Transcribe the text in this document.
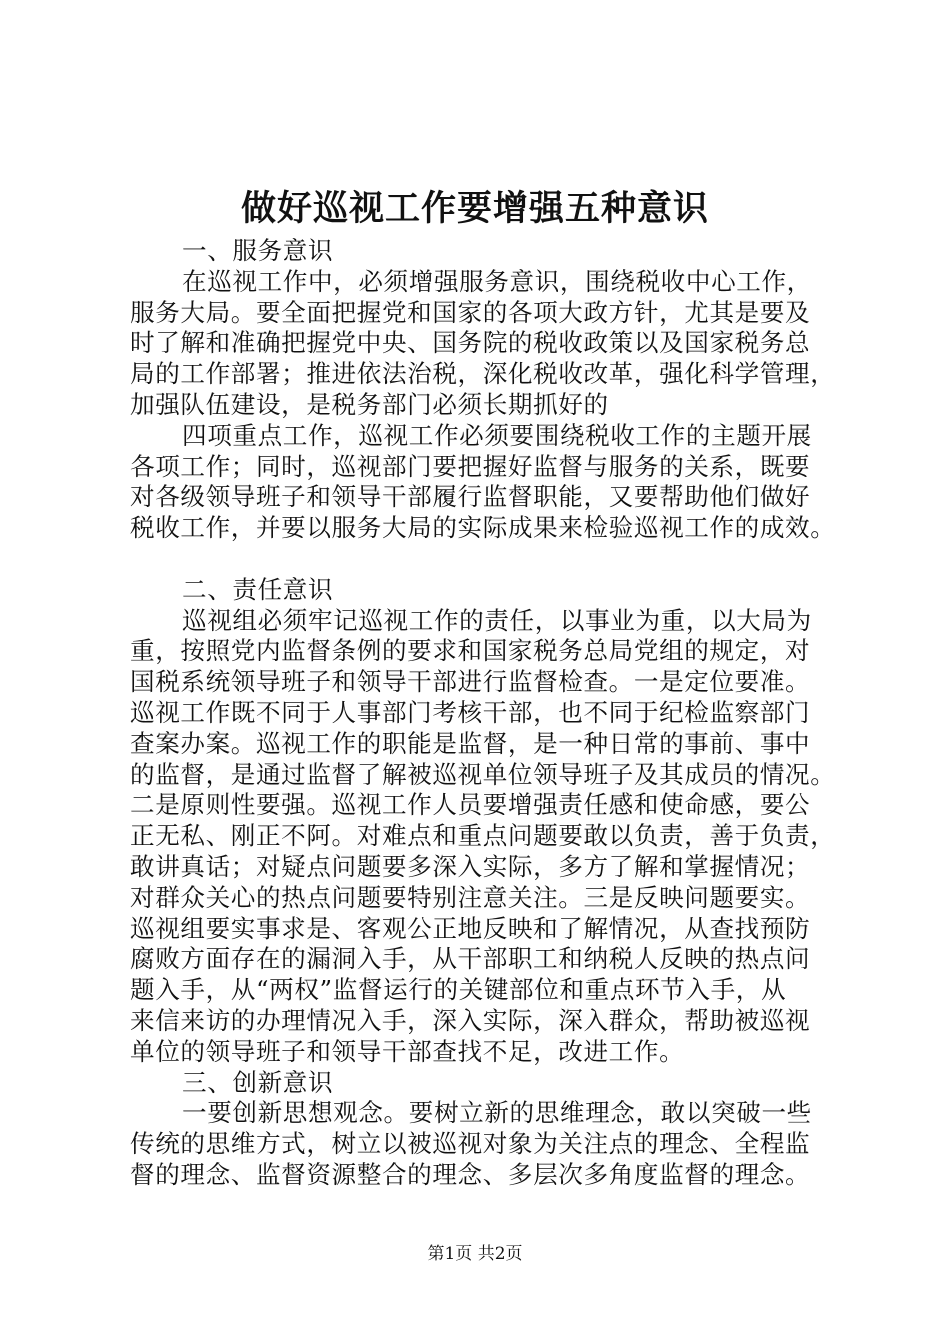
做好巡视工作要增强五种意识
一、服务意识
在巡视工作中，必须增强服务意识，围绕税收中心工作，
服务大局。要全面把握党和国家的各项大政方针，尤其是要及
时了解和准确把握党中央、国务院的税收政策以及国家税务总
局的工作部署；推进依法治税，深化税收改革，强化科学管理，
加强队伍建设，是税务部门必须长期抓好的
四项重点工作，巡视工作必须要围绕税收工作的主题开展
各项工作；同时，巡视部门要把握好监督与服务的关系，既要
对各级领导班子和领导干部履行监督职能，又要帮助他们做好
税收工作，并要以服务大局的实际成果来检验巡视工作的成效。
二、责任意识
巡视组必须牢记巡视工作的责任，以事业为重，以大局为
重，按照党内监督条例的要求和国家税务总局党组的规定，对
国税系统领导班子和领导干部进行监督检查。一是定位要准。
巡视工作既不同于人事部门考核干部，也不同于纪检监察部门
查案办案。巡视工作的职能是监督，是一种日常的事前、事中
的监督，是通过监督了解被巡视单位领导班子及其成员的情况。
二是原则性要强。巡视工作人员要增强责任感和使命感，要公
正无私、刚正不阿。对难点和重点问题要敢以负责，善于负责，
敢讲真话；对疑点问题要多深入实际，多方了解和掌握情况；
对群众关心的热点问题要特别注意关注。三是反映问题要实。
巡视组要实事求是、客观公正地反映和了解情况，从查找预防
腐败方面存在的漏洞入手，从干部职工和纳税人反映的热点问
题入手，从“两权”监督运行的关键部位和重点环节入手，从
来信来访的办理情况入手，深入实际，深入群众，帮助被巡视
单位的领导班子和领导干部查找不足，改进工作。
三、创新意识
一要创新思想观念。要树立新的思维理念，敢以突破一些
传统的思维方式，树立以被巡视对象为关注点的理念、全程监
督的理念、监督资源整合的理念、多层次多角度监督的理念。
第1页 共2页
